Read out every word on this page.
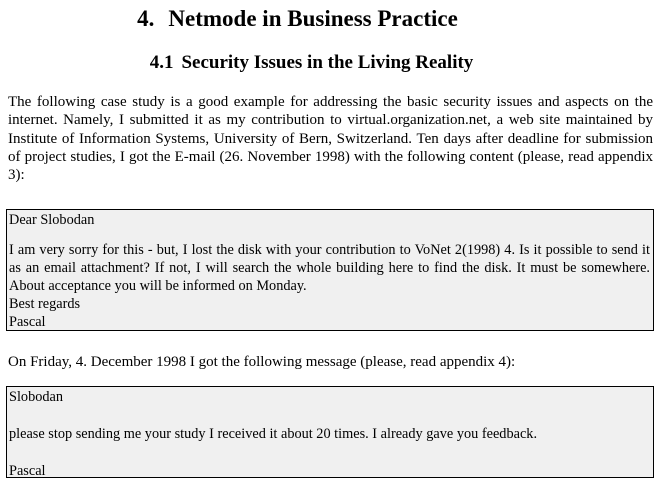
4. Netmode in Business Practice
4.1 Security Issues in the Living Reality

The following case study is a good example for addressing the basic security issues and aspects on the internet. Namely, I submitted it as my contribution to virtual.organization.net, a web site maintained by Institute of Information Systems, University of Bern, Switzerland. Ten days after deadline for submission of project studies, I got the E-mail (26. November 1998) with the following content (please, read appendix 3):

Dear Slobodan
I am very sorry for this - but, I lost the disk with your contribution to VoNet 2(1998) 4. Is it possible to send it as an email attachment? If not, I will search the whole building here to find the disk. It must be somewhere. About acceptance you will be informed on Monday.
Best regards
Pascal

On Friday, 4. December 1998 I got the following message (please, read appendix 4):

Slobodan
please stop sending me your study I received it about 20 times. I already gave you feedback.
Pascal
